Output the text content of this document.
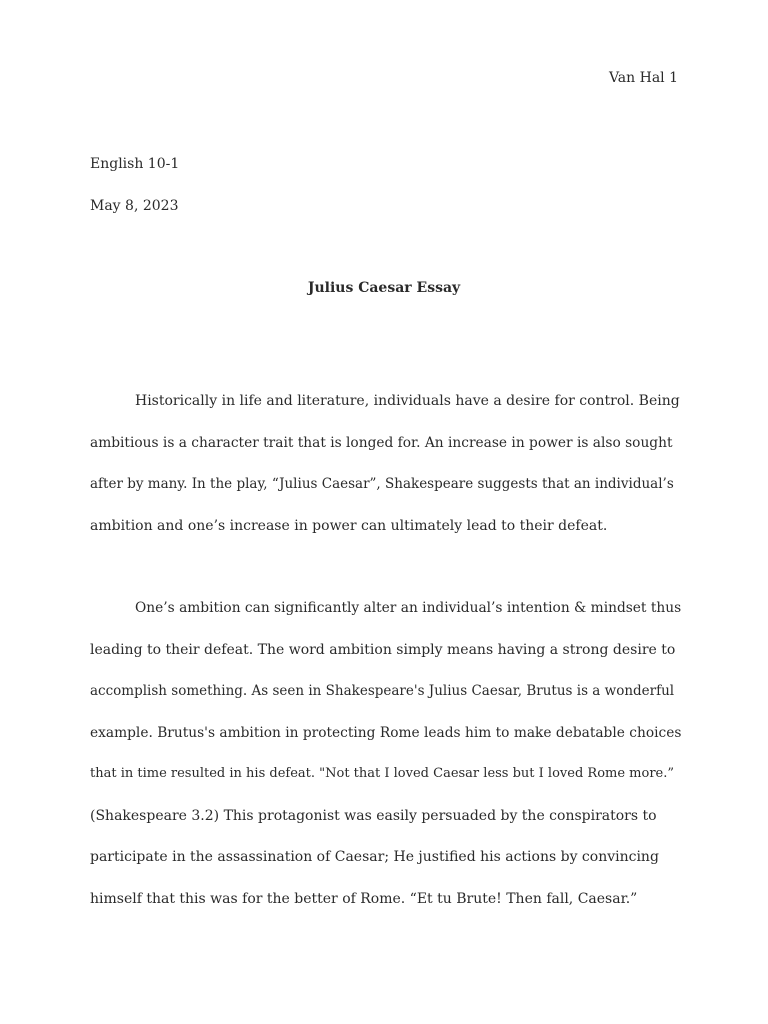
Van Hal 1
English 10-1
May 8, 2023
Julius Caesar Essay
Historically in life and literature, individuals have a desire for control. Being
ambitious is a character trait that is longed for. An increase in power is also sought
after by many. In the play, “Julius Caesar”, Shakespeare suggests that an individual’s
ambition and one’s increase in power can ultimately lead to their defeat.
One’s ambition can significantly alter an individual’s intention & mindset thus
leading to their defeat. The word ambition simply means having a strong desire to
accomplish something. As seen in Shakespeare's Julius Caesar, Brutus is a wonderful
example. Brutus's ambition in protecting Rome leads him to make debatable choices
that in time resulted in his defeat. "Not that I loved Caesar less but I loved Rome more.”
(Shakespeare 3.2) This protagonist was easily persuaded by the conspirators to
participate in the assassination of Caesar; He justified his actions by convincing
himself that this was for the better of Rome. “Et tu Brute! Then fall, Caesar.”
